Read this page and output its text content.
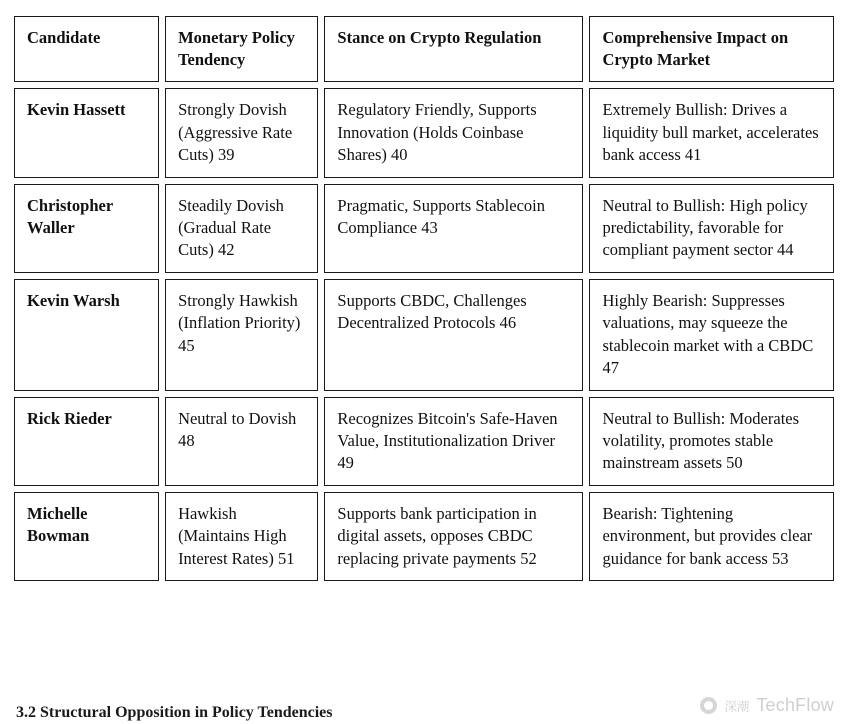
Candidate	Monetary Policy Tendency	Stance on Crypto Regulation	Comprehensive Impact on Crypto Market
Kevin Hassett	Strongly Dovish (Aggressive Rate Cuts) 39	Regulatory Friendly, Supports Innovation (Holds Coinbase Shares) 40	Extremely Bullish: Drives a liquidity bull market, accelerates bank access 41
Christopher Waller	Steadily Dovish (Gradual Rate Cuts) 42	Pragmatic, Supports Stablecoin Compliance 43	Neutral to Bullish: High policy predictability, favorable for compliant payment sector 44
Kevin Warsh	Strongly Hawkish (Inflation Priority) 45	Supports CBDC, Challenges Decentralized Protocols 46	Highly Bearish: Suppresses valuations, may squeeze the stablecoin market with a CBDC 47
Rick Rieder	Neutral to Dovish 48	Recognizes Bitcoin's Safe-Haven Value, Institutionalization Driver 49	Neutral to Bullish: Moderates volatility, promotes stable mainstream assets 50
Michelle Bowman	Hawkish (Maintains High Interest Rates) 51	Supports bank participation in digital assets, opposes CBDC replacing private payments 52	Bearish: Tightening environment, but provides clear guidance for bank access 53
3.2 Structural Opposition in Policy Tendencies	深潮 TechFlow
